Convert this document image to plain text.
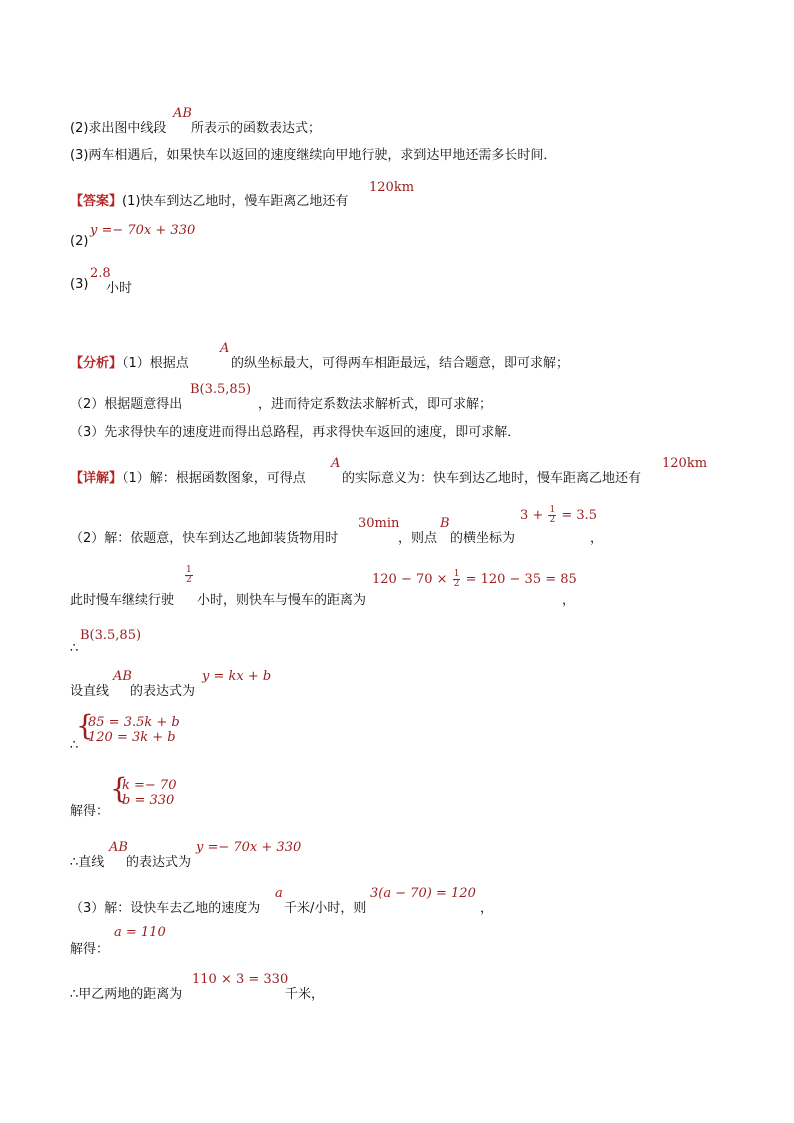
(2)求出图中线段
AB
所表示的函数表达式；
(3)两车相遇后，如果快车以返回的速度继续向甲地行驶，求到达甲地还需多长时间．
【答案】(1)快车到达乙地时，慢车距离乙地还有
120km
(2)
y =− 70x + 330
(3)
2.8
小时
【分析】（1）根据点
A
的纵坐标最大，可得两车相距最远，结合题意，即可求解；
（2）根据题意得出
B(3.5,85)
，进而待定系数法求解析式，即可求解；
（3）先求得快车的速度进而得出总路程，再求得快车返回的速度，即可求解．
【详解】（1）解：根据函数图象，可得点
A
的实际意义为：快车到达乙地时，慢车距离乙地还有
120km
（2）解：依题意，快车到达乙地卸装货物用时
30min
，则点
B
的横坐标为
$3 + \frac{1}{2} = 3.5$
，
此时慢车继续行驶
$\frac{1}{2}$
小时，则快车与慢车的距离为
$120 - 70 \times \frac{1}{2} = 120 - 35 = 85$
，
B(3.5,85)
∴
设直线
AB
的表达式为
y = kx + b
∴
{
85 = 3.5k + b
120 = 3k + b
解得：
{
k =− 70
b = 330
∴直线
AB
的表达式为
y =− 70x + 330
（3）解：设快车去乙地的速度为
a
千米/小时，则
3(a − 70) = 120
，
解得：
a = 110
∴甲乙两地的距离为
110 × 3 = 330
千米，
